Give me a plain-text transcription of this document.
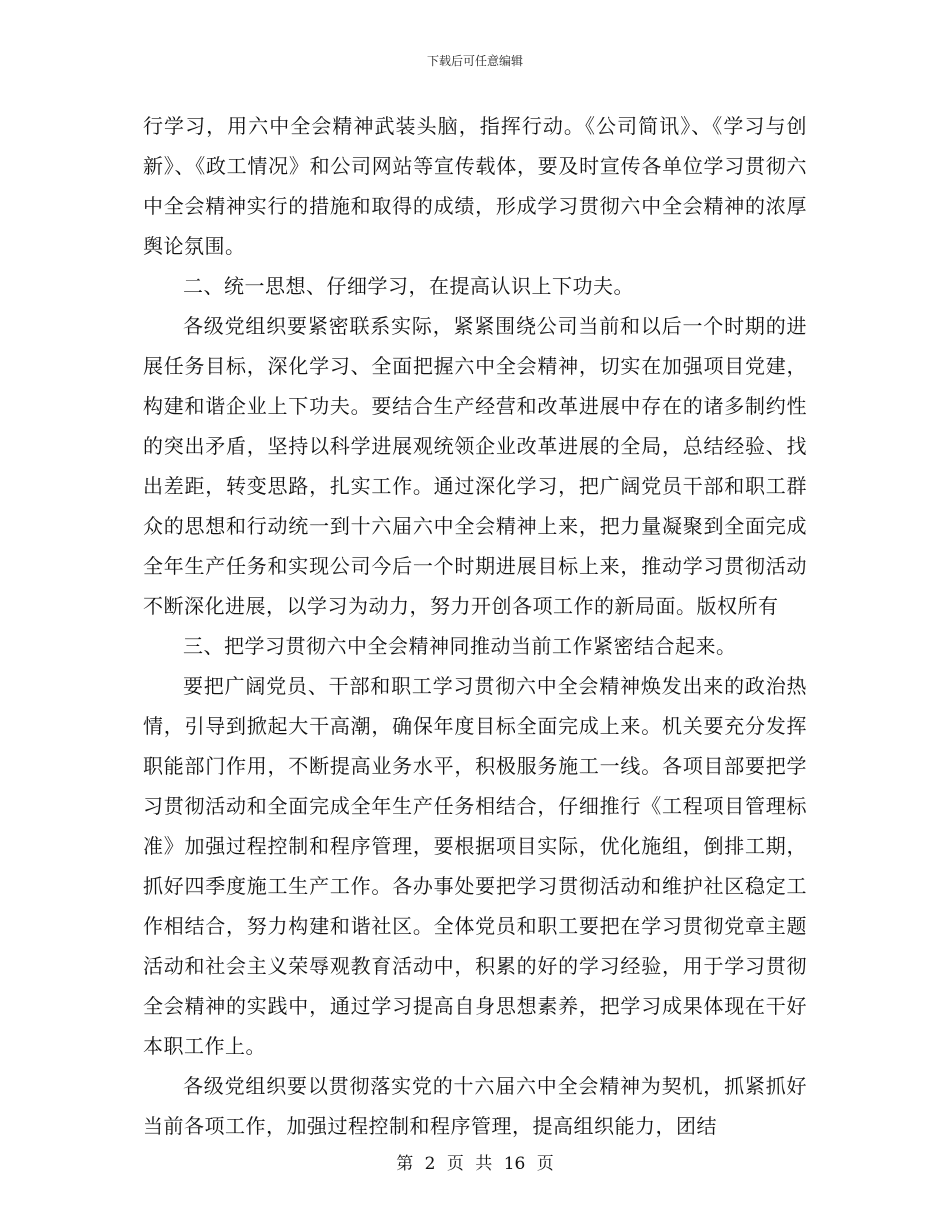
下载后可任意编辑

行学习，用六中全会精神武装头脑，指挥行动。《公司简讯》、《学习与创新》、《政工情况》和公司网站等宣传载体，要及时宣传各单位学习贯彻六中全会精神实行的措施和取得的成绩，形成学习贯彻六中全会精神的浓厚舆论氛围。

二、统一思想、仔细学习，在提高认识上下功夫。

各级党组织要紧密联系实际，紧紧围绕公司当前和以后一个时期的进展任务目标，深化学习、全面把握六中全会精神，切实在加强项目党建，构建和谐企业上下功夫。要结合生产经营和改革进展中存在的诸多制约性的突出矛盾，坚持以科学进展观统领企业改革进展的全局，总结经验、找出差距，转变思路，扎实工作。通过深化学习，把广阔党员干部和职工群众的思想和行动统一到十六届六中全会精神上来，把力量凝聚到全面完成全年生产任务和实现公司今后一个时期进展目标上来，推动学习贯彻活动不断深化进展，以学习为动力，努力开创各项工作的新局面。版权所有

三、把学习贯彻六中全会精神同推动当前工作紧密结合起来。

要把广阔党员、干部和职工学习贯彻六中全会精神焕发出来的政治热情，引导到掀起大干高潮，确保年度目标全面完成上来。机关要充分发挥职能部门作用，不断提高业务水平，积极服务施工一线。各项目部要把学习贯彻活动和全面完成全年生产任务相结合，仔细推行《工程项目管理标准》加强过程控制和程序管理，要根据项目实际，优化施组，倒排工期，抓好四季度施工生产工作。各办事处要把学习贯彻活动和维护社区稳定工作相结合，努力构建和谐社区。全体党员和职工要把在学习贯彻党章主题活动和社会主义荣辱观教育活动中，积累的好的学习经验，用于学习贯彻全会精神的实践中，通过学习提高自身思想素养，把学习成果体现在干好本职工作上。

各级党组织要以贯彻落实党的十六届六中全会精神为契机，抓紧抓好当前各项工作，加强过程控制和程序管理，提高组织能力，团结

第 2 页 共 16 页
